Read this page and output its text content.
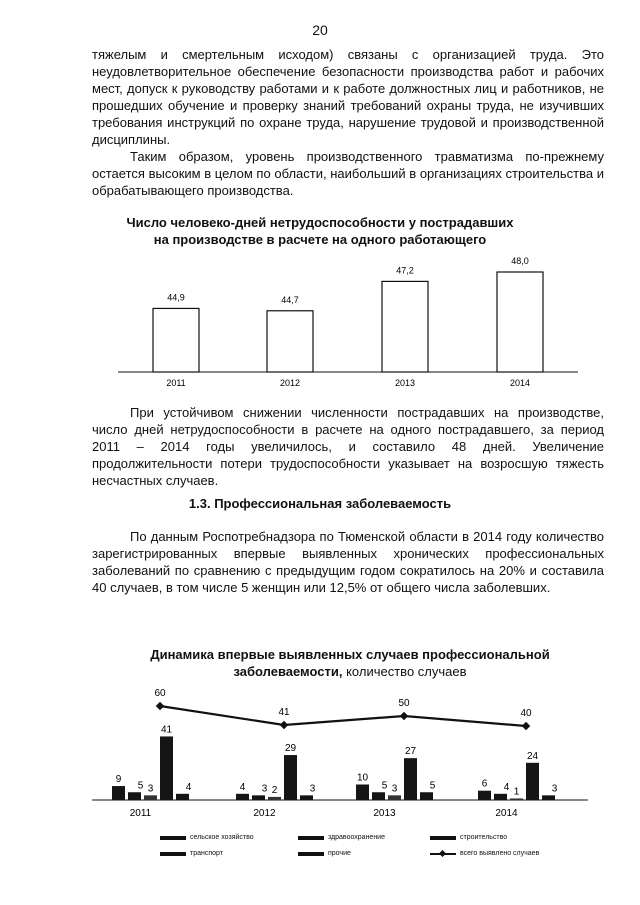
20

тяжелым и смертельным исходом) связаны с организацией труда. Это неудовлетворительное обеспечение безопасности производства работ и рабочих мест, допуск к руководству работами и к работе должностных лиц и работников, не прошедших обучение и проверку знаний требований охраны труда, не изучивших требования инструкций по охране труда, нарушение трудовой и производственной дисциплины.

Таким образом, уровень производственного травматизма по-прежнему остается высоким в целом по области, наибольший в организациях строительства и обрабатывающего производства.

Число человеко-дней нетрудоспособности у пострадавших
на производстве в расчете на одного работающего
44,9
2011
44,7
2012
47,2
2013
48,0
2014

При устойчивом снижении численности пострадавших на производстве, число дней нетрудоспособности в расчете на одного пострадавшего, за период 2011 – 2014 годы увеличилось, и составило 48 дней. Увеличение продолжительности потери трудоспособности указывает на возросшую тяжесть несчастных случаев.

1.3. Профессиональная заболеваемость

По данным Роспотребнадзора по Тюменской области в 2014 году количество зарегистрированных впервые выявленных хронических профессиональных заболеваний по сравнению с предыдущим годом сократилось на 20% и составила 40 случаев, в том числе 5 женщин или 12,5% от общего числа заболевших.

Динамика впервые выявленных случаев профессиональной
заболеваемости, количество случаев
9
5 3
41
4
2011
4 3 2
29
3
2012
10
5 3
27
5
2013
6 4 1
24
3
2014
60
41
50
40
сельское хозяйство	здравоохранение	строительство
транспорт	прочие	всего выявлено случаев
